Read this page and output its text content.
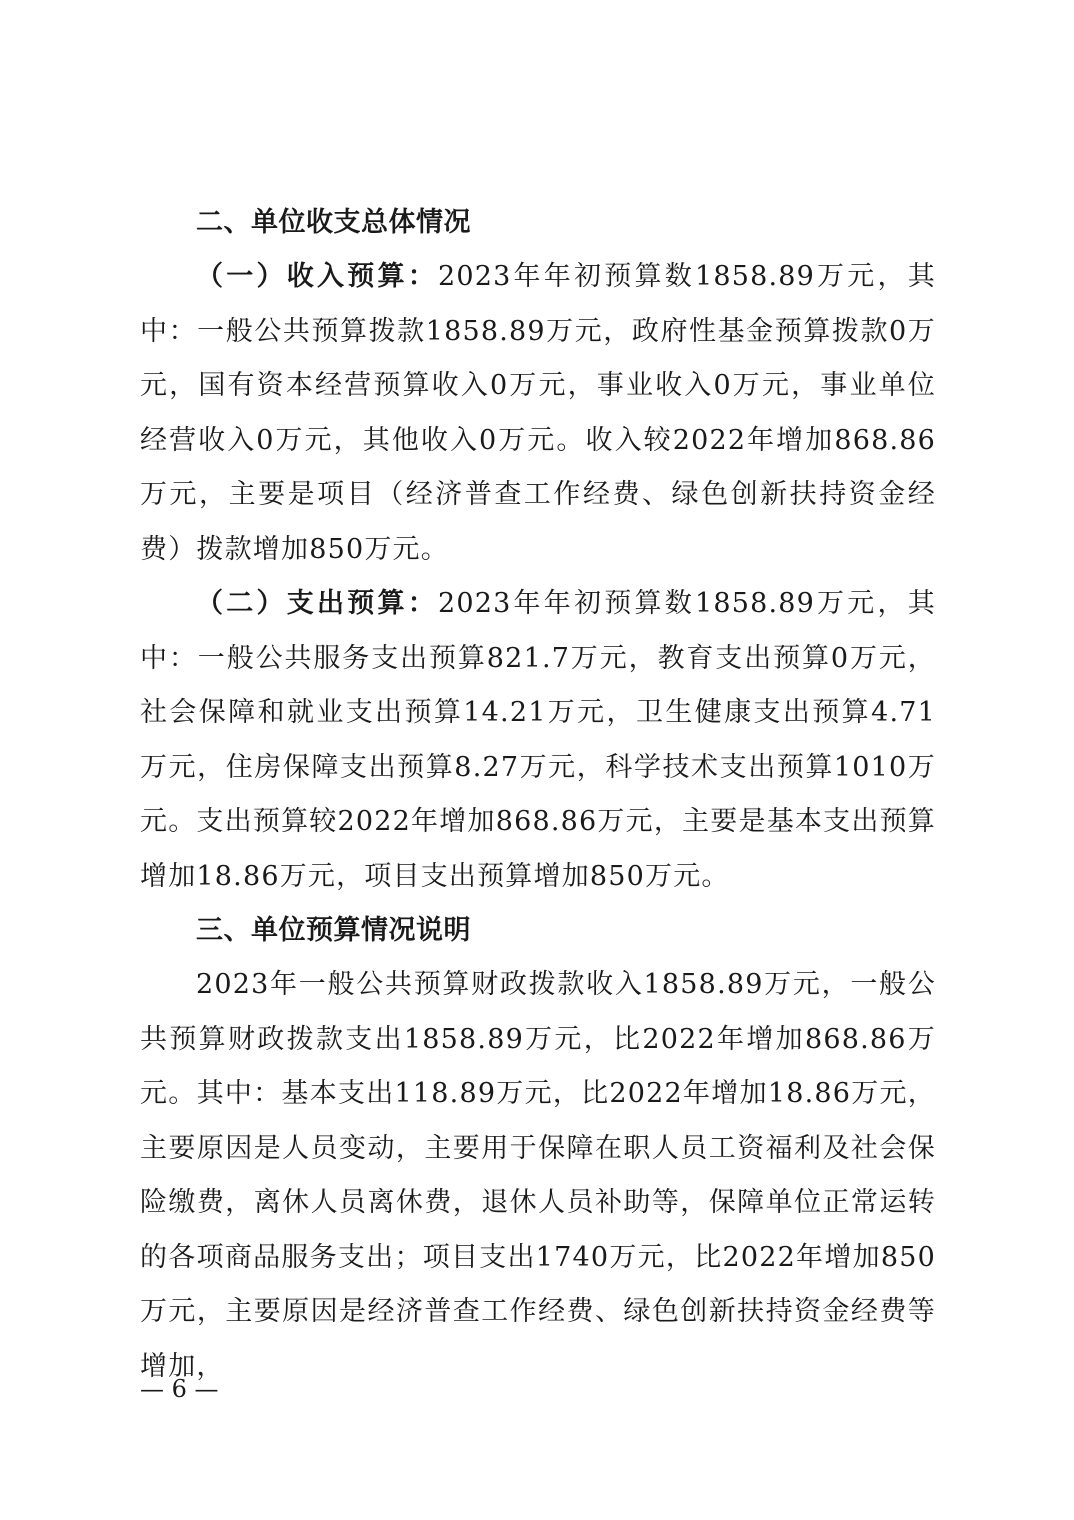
二、单位收支总体情况

（一）收入预算：2023年年初预算数1858.89万元，其中：一般公共预算拨款1858.89万元，政府性基金预算拨款0万元，国有资本经营预算收入0万元，事业收入0万元，事业单位经营收入0万元，其他收入0万元。收入较2022年增加868.86万元，主要是项目（经济普查工作经费、绿色创新扶持资金经费）拨款增加850万元。

（二）支出预算：2023年年初预算数1858.89万元，其中：一般公共服务支出预算821.7万元，教育支出预算0万元，社会保障和就业支出预算14.21万元，卫生健康支出预算4.71万元，住房保障支出预算8.27万元，科学技术支出预算1010万元。支出预算较2022年增加868.86万元，主要是基本支出预算增加18.86万元，项目支出预算增加850万元。

三、单位预算情况说明

2023年一般公共预算财政拨款收入1858.89万元，一般公共预算财政拨款支出1858.89万元，比2022年增加868.86万元。其中：基本支出118.89万元，比2022年增加18.86万元，主要原因是人员变动，主要用于保障在职人员工资福利及社会保险缴费，离休人员离休费，退休人员补助等，保障单位正常运转的各项商品服务支出；项目支出1740万元，比2022年增加850万元，主要原因是经济普查工作经费、绿色创新扶持资金经费等增加，

— 6 —
